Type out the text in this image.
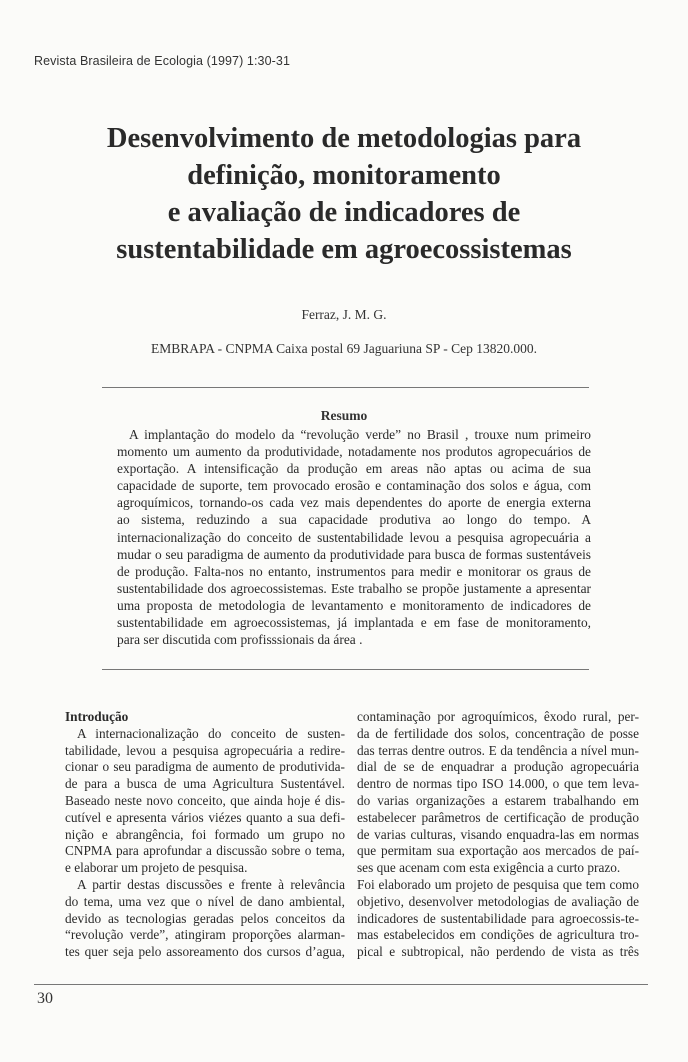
Revista Brasileira de Ecologia (1997) 1:30-31
Desenvolvimento de metodologias para
definição, monitoramento
e avaliação de indicadores de
sustentabilidade em agroecossistemas
Ferraz, J. M. G.
EMBRAPA - CNPMA Caixa postal 69 Jaguariuna SP - Cep 13820.000.
Resumo
A implantação do modelo da “revolução verde” no Brasil , trouxe num primeiro
momento um aumento da produtividade, notadamente nos produtos agropecuários de
exportação. A intensificação da produção em areas não aptas ou acima de sua
capacidade de suporte, tem provocado erosão e contaminação dos solos e água, com
agroquímicos, tornando-os cada vez mais dependentes do aporte de energia externa
ao sistema, reduzindo a sua capacidade produtiva ao longo do tempo. A
internacionalização do conceito de sustentabilidade levou a pesquisa agropecuária a
mudar o seu paradigma de aumento da produtividade para busca de formas sustentáveis
de produção. Falta-nos no entanto, instrumentos para medir e monitorar os graus de
sustentabilidade dos agroecossistemas. Este trabalho se propõe justamente a apresentar
uma proposta de metodologia de levantamento e monitoramento de indicadores de
sustentabilidade em agroecossistemas, já implantada e em fase de monitoramento,
para ser discutida com profisssionais da área .
Introdução
A internacionalização do conceito de susten-
tabilidade, levou a pesquisa agropecuária a redire-
cionar o seu paradigma de aumento de produtivida-
de para a busca de uma Agricultura Sustentável.
Baseado neste novo conceito, que ainda hoje é dis-
cutível e apresenta vários viézes quanto a sua defi-
nição e abrangência, foi formado um grupo no
CNPMA para aprofundar a discussão sobre o tema,
e elaborar um projeto de pesquisa.
A partir destas discussões e frente à relevância
do tema, uma vez que o nível de dano ambiental,
devido as tecnologias geradas pelos conceitos da
“revolução verde”, atingiram proporções alarman-
tes quer seja pelo assoreamento dos cursos d’agua,
contaminação por agroquímicos, êxodo rural, per-
da de fertilidade dos solos, concentração de posse
das terras dentre outros. E da tendência a nível mun-
dial de se de enquadrar a produção agropecuária
dentro de normas tipo ISO 14.000, o que tem leva-
do varias organizações a estarem trabalhando em
estabelecer parâmetros de certificação de produção
de varias culturas, visando enquadra-las em normas
que permitam sua exportação aos mercados de paí-
ses que acenam com esta exigência a curto prazo.
Foi elaborado um projeto de pesquisa que tem como
objetivo, desenvolver metodologias de avaliação de
indicadores de sustentabilidade para agroecossis-te-
mas estabelecidos em condições de agricultura tro-
pical e subtropical, não perdendo de vista as três
30
